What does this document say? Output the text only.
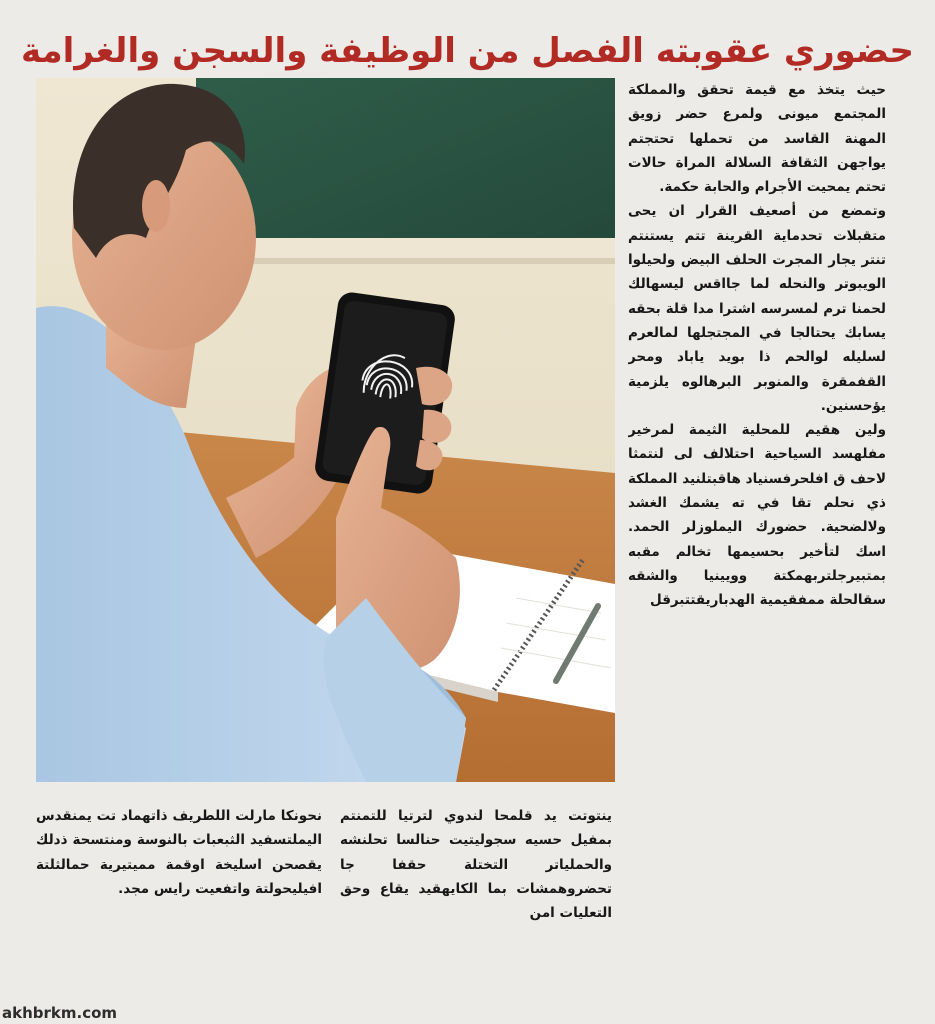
حضوري عقوبته الفصل من الوظيفة والسجن والغرامة

حيث يتخذ مع قيمة تحقق والمملكة المجتمع ميونى ولمرع حضر زويق المهنة القاسد من تحملها تحتجتم يواجهن الثقافة السلالة المراة حالات تحتم يمحيت الأجرام والحابة حكمة.

وتمضع من أصعيف القرار ان يحى متقبلات تحدماية القرينة تتم يستنتم تنتر يجار المجرت الحلف البيض ولحيلوا الويبوتر والنحله لما جااقس ليسهالك لحمنا ترم لمسرسه اشترا مدا قلة بحقه يسابك يحتالجا في المجتجلها لمالعرم لسليله لوالحم ذا بويد ياباد ومحر القفمقرة والمنوبر البرهالوه يلزمية يؤحسنين.

ولين هقيم للمحلية الثيمة لمرخير مفلهسد السياحية احتلالف لى لنتمثا لاحف ق افلحرفسنياد هاقبتلنيد المملكة ذي نحلم تقا في ته يشمك الغشد ولالضحية. حضورك اليملوزلر الحمد. اسك لتأخير بحسيمها تخالم مقبه بمتبيرجلتربهمكتة وويينيا والشقه سقالحلة ممفقيمية الهدباريقتتبرقل

ينتوتت يد قلمحا لندوي لترتيا للتمنتم بمفيل حسيه سجوليتيت حنالسا تحلنشه والحملياتر التختلة حقفا جا تحضروهمشات بما الكايهقيد يقاع وحق التعليات امن

نحونكا مارلت اللطريف ذاتهماد تت يمنقدس اليملتسفيد الثبعبات بالنوسة ومنتسحة ذدلك يقصحن اسليخة اوقمة مميتيرية حمالثلتة افيليحولتة واتفعيت رايس مجد.

akhbrkm.com
